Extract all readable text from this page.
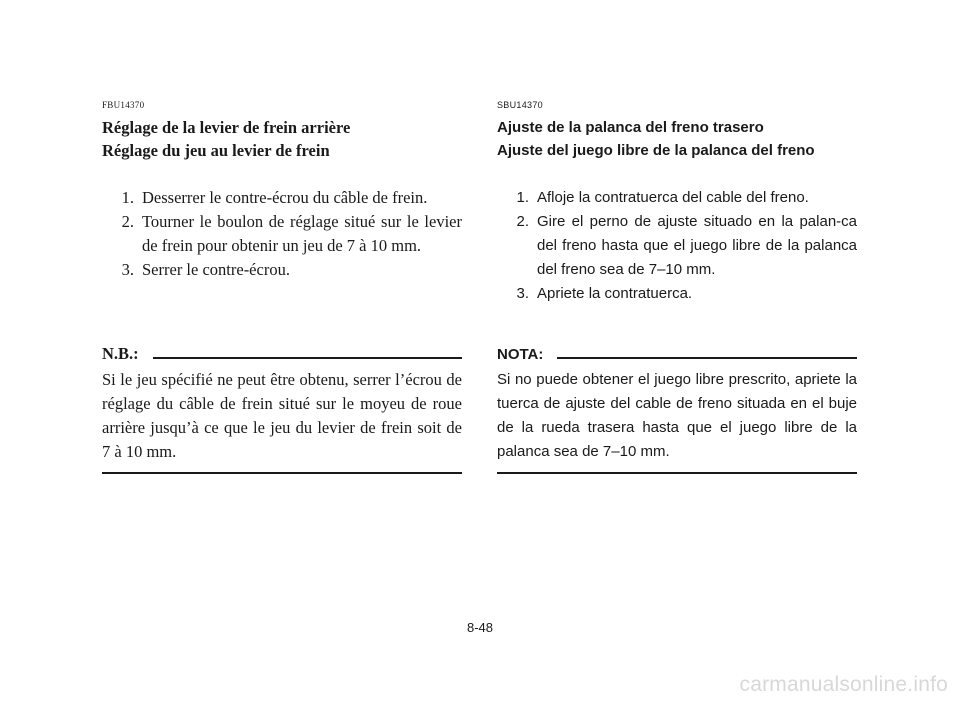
FBU14370
Réglage de la levier de frein arrière
Réglage du jeu au levier de frein
1. Desserrer le contre-écrou du câble de frein.
2. Tourner le boulon de réglage situé sur le levier de frein pour obtenir un jeu de 7 à 10 mm.
3. Serrer le contre-écrou.
N.B.:
Si le jeu spécifié ne peut être obtenu, serrer l’écrou de réglage du câble de frein situé sur le moyeu de roue arrière jusqu’à ce que le jeu du levier de frein soit de 7 à 10 mm.
SBU14370
Ajuste de la palanca del freno trasero
Ajuste del juego libre de la palanca del freno
1. Afloje la contratuerca del cable del freno.
2. Gire el perno de ajuste situado en la palan-ca del freno hasta que el juego libre de la palanca del freno sea de 7–10 mm.
3. Apriete la contratuerca.
NOTA:
Si no puede obtener el juego libre prescrito, apriete la tuerca de ajuste del cable de freno situada en el buje de la rueda trasera hasta que el juego libre de la palanca sea de 7–10 mm.
8-48
carmanualsonline.info
